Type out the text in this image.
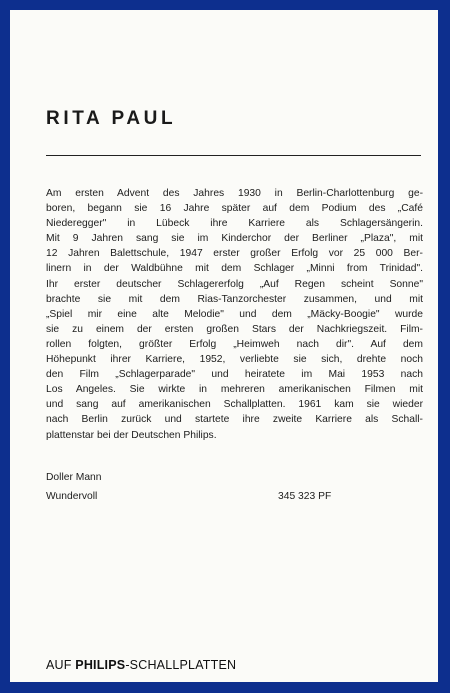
RITA PAUL

Am ersten Advent des Jahres 1930 in Berlin-Charlottenburg ge-
boren, begann sie 16 Jahre später auf dem Podium des „Café
Niederegger" in Lübeck ihre Karriere als Schlagersängerin.
Mit 9 Jahren sang sie im Kinderchor der Berliner „Plaza", mit
12 Jahren Balettschule, 1947 erster großer Erfolg vor 25 000 Ber-
linern in der Waldbühne mit dem Schlager „Minni from Trinidad".
Ihr erster deutscher Schlagererfolg „Auf Regen scheint Sonne"
brachte sie mit dem Rias-Tanzorchester zusammen, und mit
„Spiel mir eine alte Melodie" und dem „Mäcky-Boogie" wurde
sie zu einem der ersten großen Stars der Nachkriegszeit. Film-
rollen folgten, größter Erfolg „Heimweh nach dir". Auf dem
Höhepunkt ihrer Karriere, 1952, verliebte sie sich, drehte noch
den Film „Schlagerparade" und heiratete im Mai 1953 nach
Los Angeles. Sie wirkte in mehreren amerikanischen Filmen mit
und sang auf amerikanischen Schallplatten. 1961 kam sie wieder
nach Berlin zurück und startete ihre zweite Karriere als Schall-
plattenstar bei der Deutschen Philips.

Doller Mann
Wundervoll	345 323 PF
AUF PHILIPS-SCHALLPLATTEN
